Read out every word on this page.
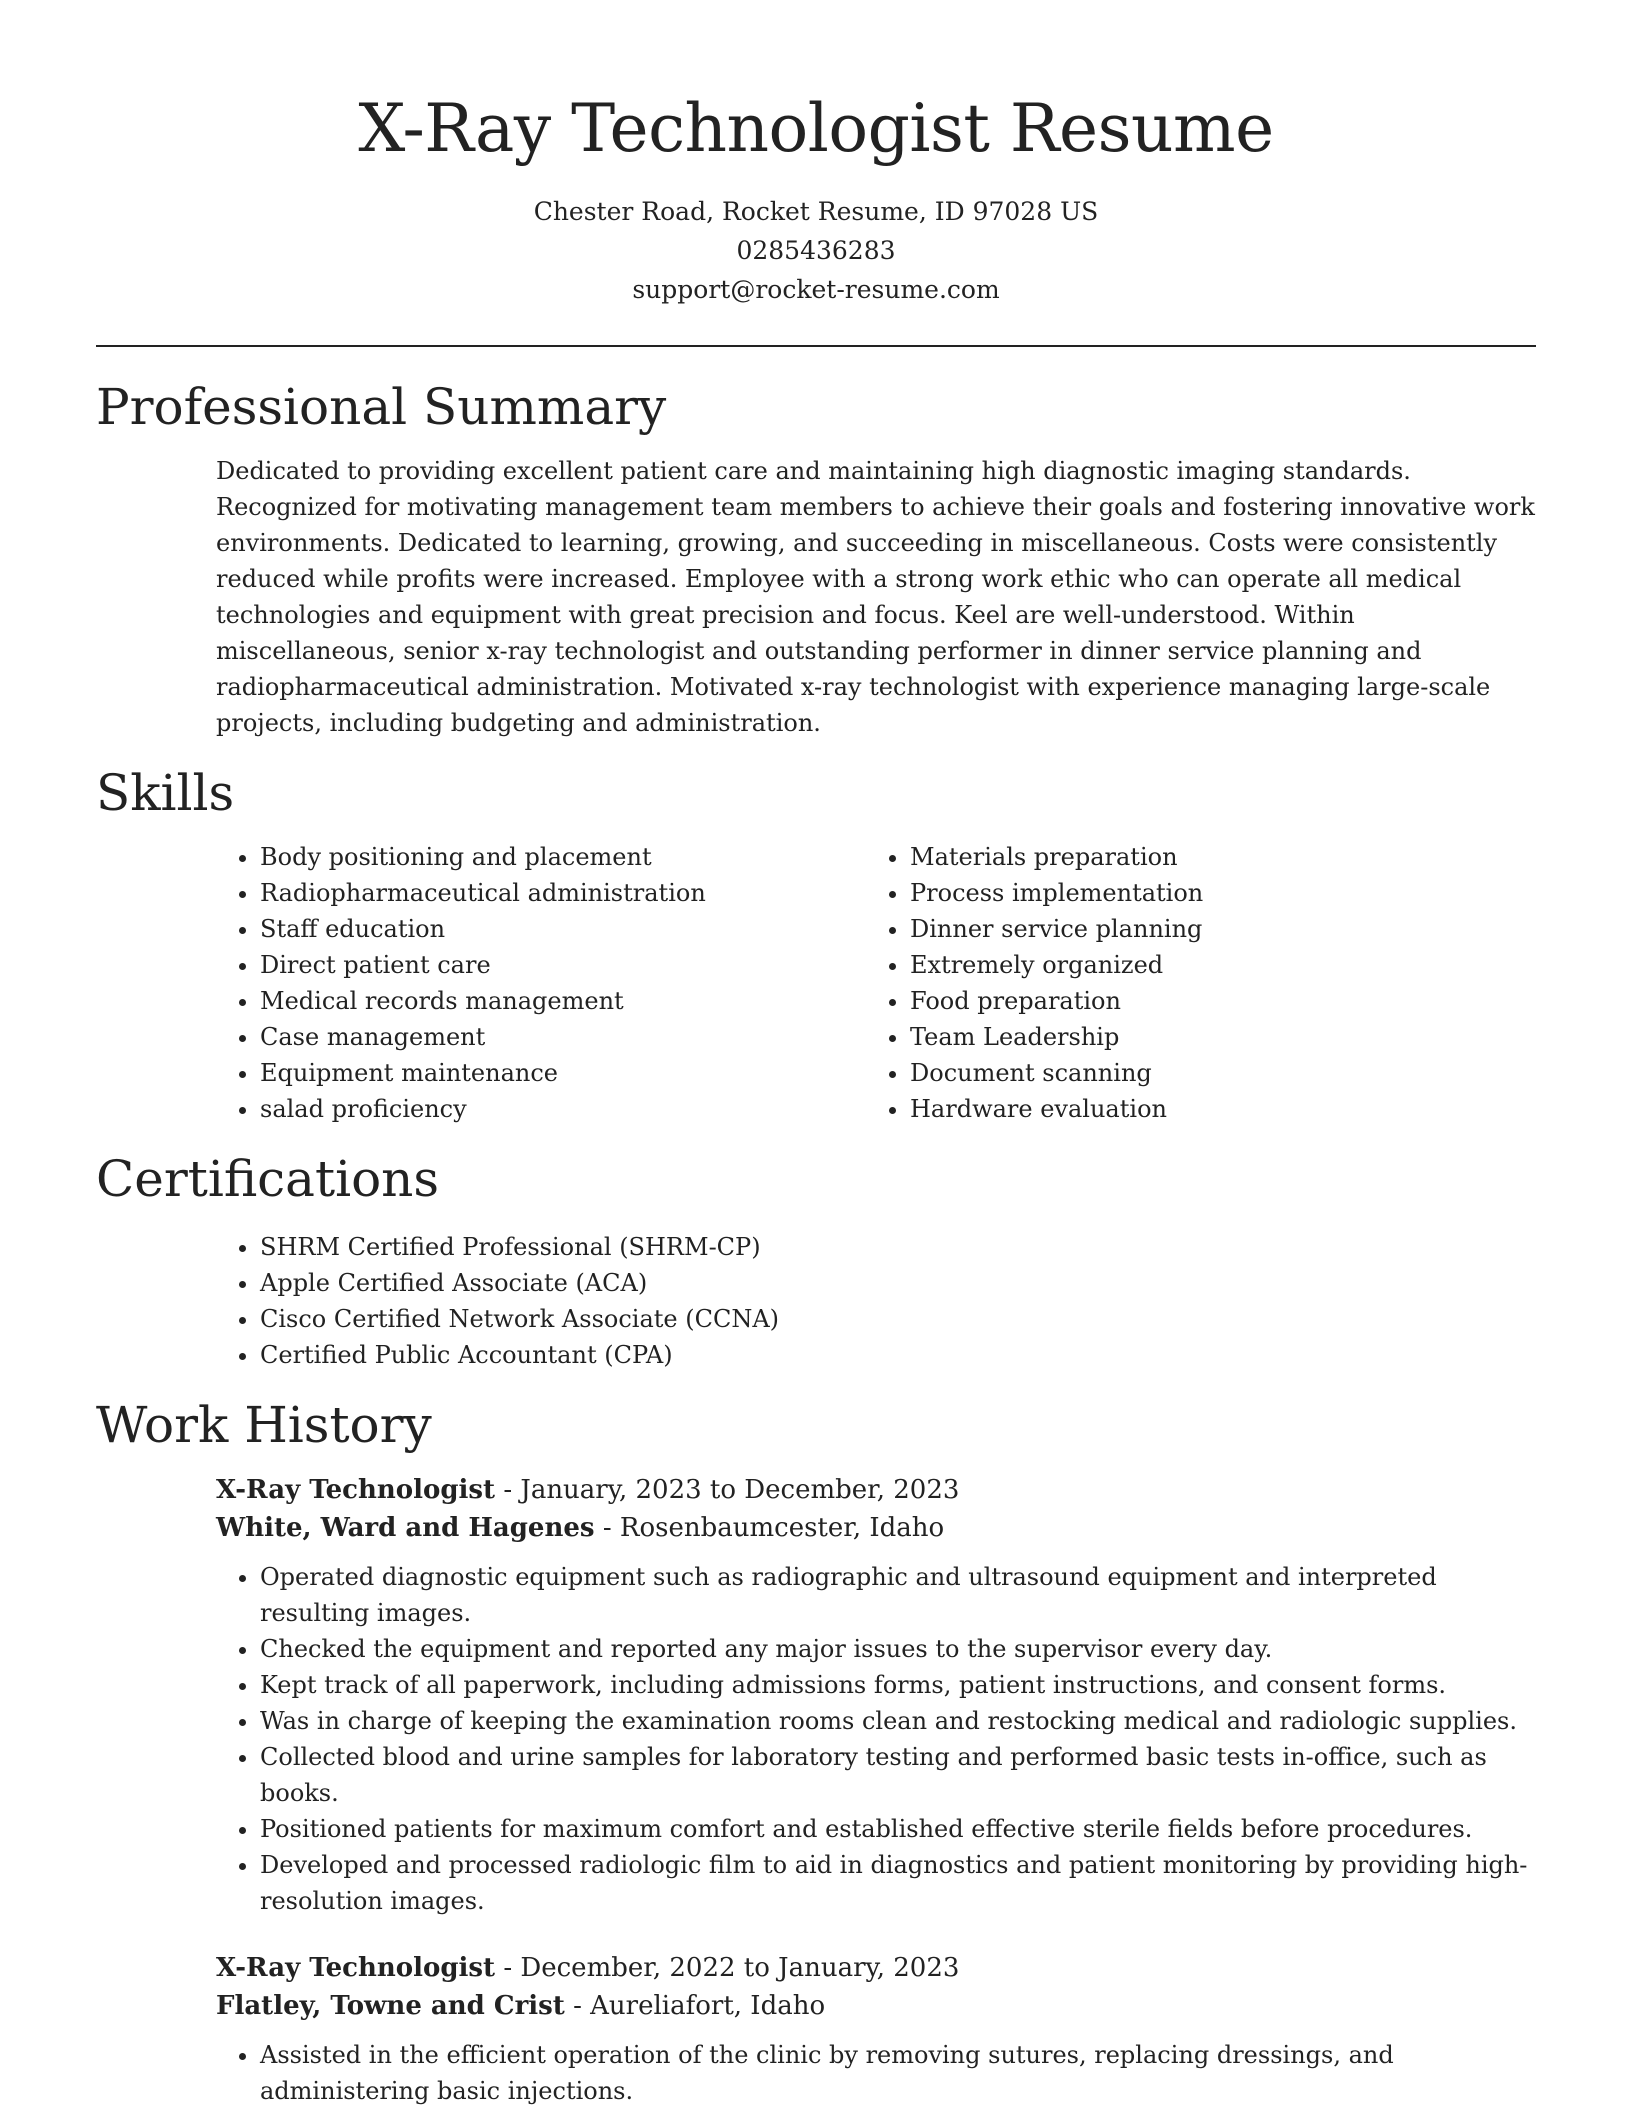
X-Ray Technologist Resume
Chester Road, Rocket Resume, ID 97028 US
0285436283
support@rocket-resume.com
Professional Summary

Dedicated to providing excellent patient care and maintaining high diagnostic imaging standards. Recognized for motivating management team members to achieve their goals and fostering innovative work environments. Dedicated to learning, growing, and succeeding in miscellaneous. Costs were consistently reduced while profits were increased. Employee with a strong work ethic who can operate all medical technologies and equipment with great precision and focus. Keel are well-understood. Within miscellaneous, senior x-ray technologist and outstanding performer in dinner service planning and radiopharmaceutical administration. Motivated x-ray technologist with experience managing large-scale projects, including budgeting and administration.

Skills
• Body positioning and placement
• Radiopharmaceutical administration
• Staff education
• Direct patient care
• Medical records management
• Case management
• Equipment maintenance
• salad proficiency
• Materials preparation
• Process implementation
• Dinner service planning
• Extremely organized
• Food preparation
• Team Leadership
• Document scanning
• Hardware evaluation
Certifications
• SHRM Certified Professional (SHRM-CP)
• Apple Certified Associate (ACA)
• Cisco Certified Network Associate (CCNA)
• Certified Public Accountant (CPA)
Work History
X-Ray Technologist - January, 2023 to December, 2023
White, Ward and Hagenes - Rosenbaumcester, Idaho
• Operated diagnostic equipment such as radiographic and ultrasound equipment and interpreted resulting images.
• Checked the equipment and reported any major issues to the supervisor every day.
• Kept track of all paperwork, including admissions forms, patient instructions, and consent forms.
• Was in charge of keeping the examination rooms clean and restocking medical and radiologic supplies.
• Collected blood and urine samples for laboratory testing and performed basic tests in-office, such as books.
• Positioned patients for maximum comfort and established effective sterile fields before procedures.
• Developed and processed radiologic film to aid in diagnostics and patient monitoring by providing high-resolution images.
X-Ray Technologist - December, 2022 to January, 2023
Flatley, Towne and Crist - Aureliafort, Idaho
• Assisted in the efficient operation of the clinic by removing sutures, replacing dressings, and administering basic injections.
